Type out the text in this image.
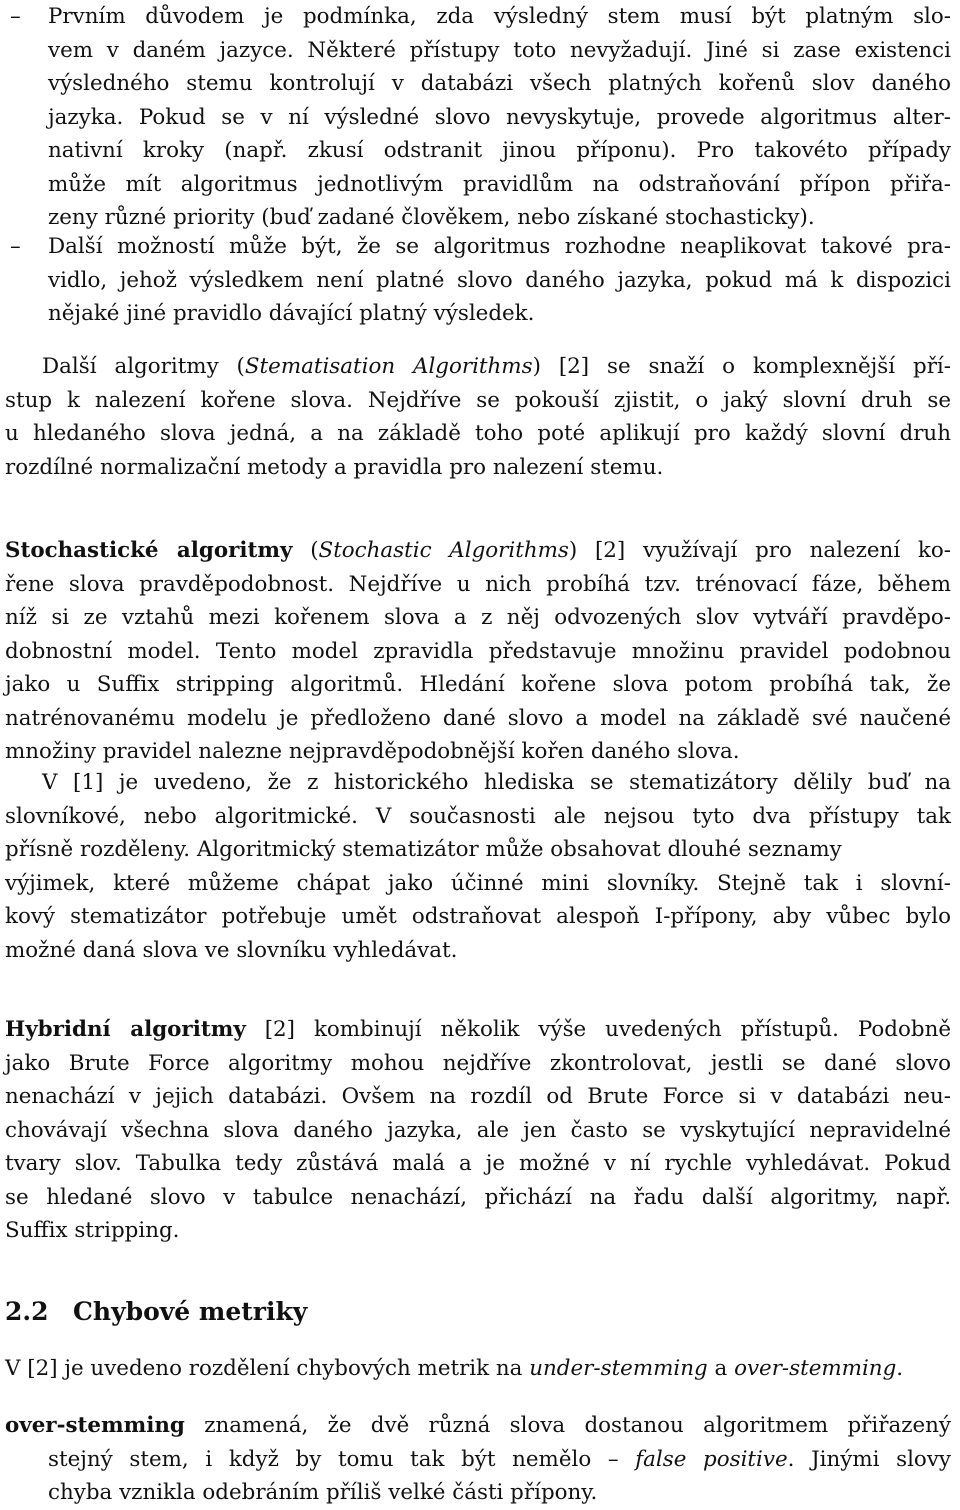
– Prvním důvodem je podmínka, zda výsledný stem musí být platným slo-
vem v daném jazyce. Některé přístupy toto nevyžadují. Jiné si zase existenci
výsledného stemu kontrolují v databázi všech platných kořenů slov daného
jazyka. Pokud se v ní výsledné slovo nevyskytuje, provede algoritmus alter-
nativní kroky (např. zkusí odstranit jinou příponu). Pro takovéto případy
může mít algoritmus jednotlivým pravidlům na odstraňování přípon přiřa-
zeny různé priority (buď zadané člověkem, nebo získané stochasticky).
– Další možností může být, že se algoritmus rozhodne neaplikovat takové pra-
vidlo, jehož výsledkem není platné slovo daného jazyka, pokud má k dispozici
nějaké jiné pravidlo dávající platný výsledek.
Další algoritmy (Stematisation Algorithms) [2] se snaží o komplexnější pří-
stup k nalezení kořene slova. Nejdříve se pokouší zjistit, o jaký slovní druh se
u hledaného slova jedná, a na základě toho poté aplikují pro každý slovní druh
rozdílné normalizační metody a pravidla pro nalezení stemu.
Stochastické algoritmy (Stochastic Algorithms) [2] využívají pro nalezení ko-
řene slova pravděpodobnost. Nejdříve u nich probíhá tzv. trénovací fáze, během
níž si ze vztahů mezi kořenem slova a z něj odvozených slov vytváří pravděpo-
dobnostní model. Tento model zpravidla představuje množinu pravidel podobnou
jako u Suffix stripping algoritmů. Hledání kořene slova potom probíhá tak, že
natrénovanému modelu je předloženo dané slovo a model na základě své naučené
množiny pravidel nalezne nejpravděpodobnější kořen daného slova.
V [1] je uvedeno, že z historického hlediska se stematizátory dělily buď na
slovníkové, nebo algoritmické. V současnosti ale nejsou tyto dva přístupy tak
přísně rozděleny. Algoritmický stematizátor může obsahovat dlouhé seznamy
výjimek, které můžeme chápat jako účinné mini slovníky. Stejně tak i slovní-
kový stematizátor potřebuje umět odstraňovat alespoň I-přípony, aby vůbec bylo
možné daná slova ve slovníku vyhledávat.
Hybridní algoritmy [2] kombinují několik výše uvedených přístupů. Podobně
jako Brute Force algoritmy mohou nejdříve zkontrolovat, jestli se dané slovo
nenachází v jejich databázi. Ovšem na rozdíl od Brute Force si v databázi neu-
chovávají všechna slova daného jazyka, ale jen často se vyskytující nepravidelné
tvary slov. Tabulka tedy zůstává malá a je možné v ní rychle vyhledávat. Pokud
se hledané slovo v tabulce nenachází, přichází na řadu další algoritmy, např.
Suffix stripping.
2.2 Chybové metriky
V [2] je uvedeno rozdělení chybových metrik na under-stemming a over-stemming.
over-stemming znamená, že dvě různá slova dostanou algoritmem přiřazený
stejný stem, i když by tomu tak být nemělo – false positive. Jinými slovy
chyba vznikla odebráním příliš velké části přípony.
